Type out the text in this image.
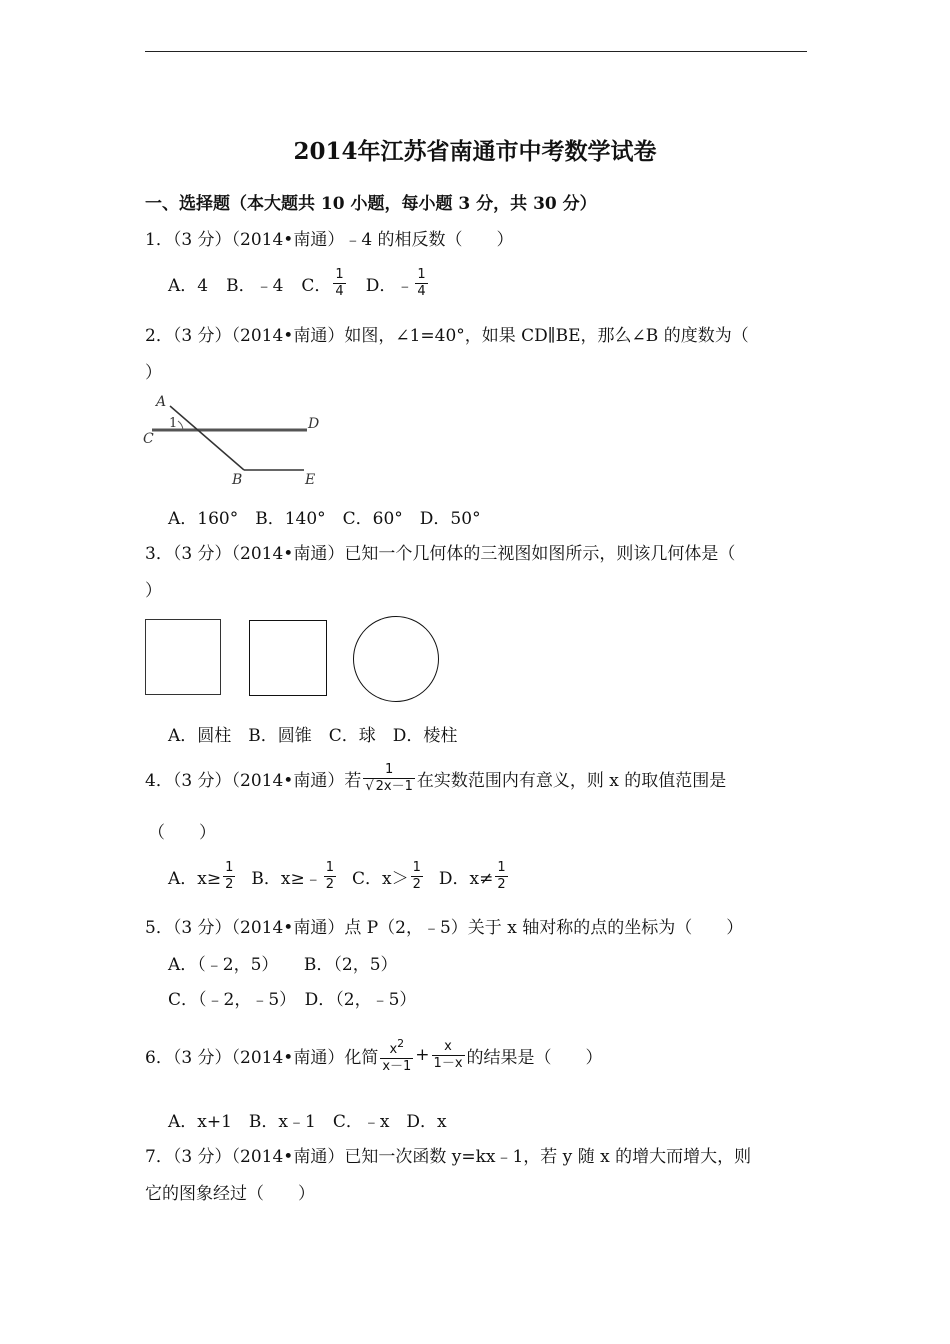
2014年江苏省南通市中考数学试卷
一、选择题（本大题共 10 小题，每小题 3 分，共 30 分）
1．（3 分）（2014•南通）﹣4 的相反数（　　）
A．4 B．﹣4 C． $\frac{1}{4}$ D．﹣ $\frac{1}{4}$
2．（3 分）（2014•南通）如图，∠1=40°，如果 CD∥BE，那么∠B 的度数为（
）
A
C
1	D
B	E
A．160°　B．140°　C．60°　D．50°
3．（3 分）（2014•南通）已知一个几何体的三视图如图所示，则该几何体是（
）
A．圆柱　B．圆锥　C．球　D．棱柱
4．（3 分）（2014•南通）若 $\frac{1}{√ 2x-1}$ 在实数范围内有意义，则 x 的取值范围是
（　　）
A．$x\ge \frac{1}{2}$ B．x≥﹣ $\frac{1}{2}$ C．$x> \frac{1}{2}$ D．$x\ne \frac{1}{2}$
5．（3 分）（2014•南通）点 P（2，﹣5）关于 x 轴对称的点的坐标为（　　）
A．（﹣2，5）　　B．（2，5）
C．（﹣2，﹣5）　D．（2，﹣5）
6．（3 分）（2014•南通）化简 $\frac{x^2}{x-1} + \frac{x}{1-x}$ 的结果是（　　）
A．x+1　B．x﹣1　C．﹣x　D．x
7．（3 分）（2014•南通）已知一次函数 y=kx﹣1，若 y 随 x 的增大而增大，则
它的图象经过（　　）
